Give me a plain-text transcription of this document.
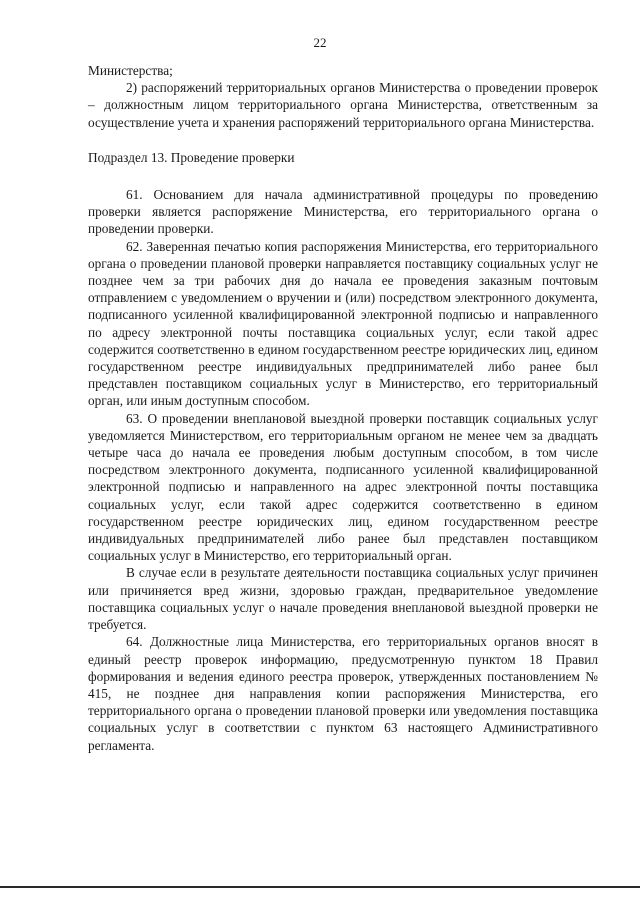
22

Министерства;

2) распоряжений территориальных органов Министерства о проведении проверок – должностным лицом территориального органа Министерства, ответственным за осуществление учета и хранения распоряжений территориального органа Министерства.

Подраздел 13. Проведение проверки

61. Основанием для начала административной процедуры по проведению проверки является распоряжение Министерства, его территориального органа о проведении проверки.

62. Заверенная печатью копия распоряжения Министерства, его территориального органа о проведении плановой проверки направляется поставщику социальных услуг не позднее чем за три рабочих дня до начала ее проведения заказным почтовым отправлением с уведомлением о вручении и (или) посредством электронного документа, подписанного усиленной квалифицированной электронной подписью и направленного по адресу электронной почты поставщика социальных услуг, если такой адрес содержится соответственно в едином государственном реестре юридических лиц, едином государственном реестре индивидуальных предпринимателей либо ранее был представлен поставщиком социальных услуг в Министерство, его территориальный орган, или иным доступным способом.

63. О проведении внеплановой выездной проверки поставщик социальных услуг уведомляется Министерством, его территориальным органом не менее чем за двадцать четыре часа до начала ее проведения любым доступным способом, в том числе посредством электронного документа, подписанного усиленной квалифицированной электронной подписью и направленного на адрес электронной почты поставщика социальных услуг, если такой адрес содержится соответственно в едином государственном реестре юридических лиц, едином государственном реестре индивидуальных предпринимателей либо ранее был представлен поставщиком социальных услуг в Министерство, его территориальный орган.

В случае если в результате деятельности поставщика социальных услуг причинен или причиняется вред жизни, здоровью граждан, предварительное уведомление поставщика социальных услуг о начале проведения внеплановой выездной проверки не требуется.

64. Должностные лица Министерства, его территориальных органов вносят в единый реестр проверок информацию, предусмотренную пунктом 18 Правил формирования и ведения единого реестра проверок, утвержденных постановлением № 415, не позднее дня направления копии распоряжения Министерства, его территориального органа о проведении плановой проверки или уведомления поставщика социальных услуг в соответствии с пунктом 63 настоящего Административного регламента.
